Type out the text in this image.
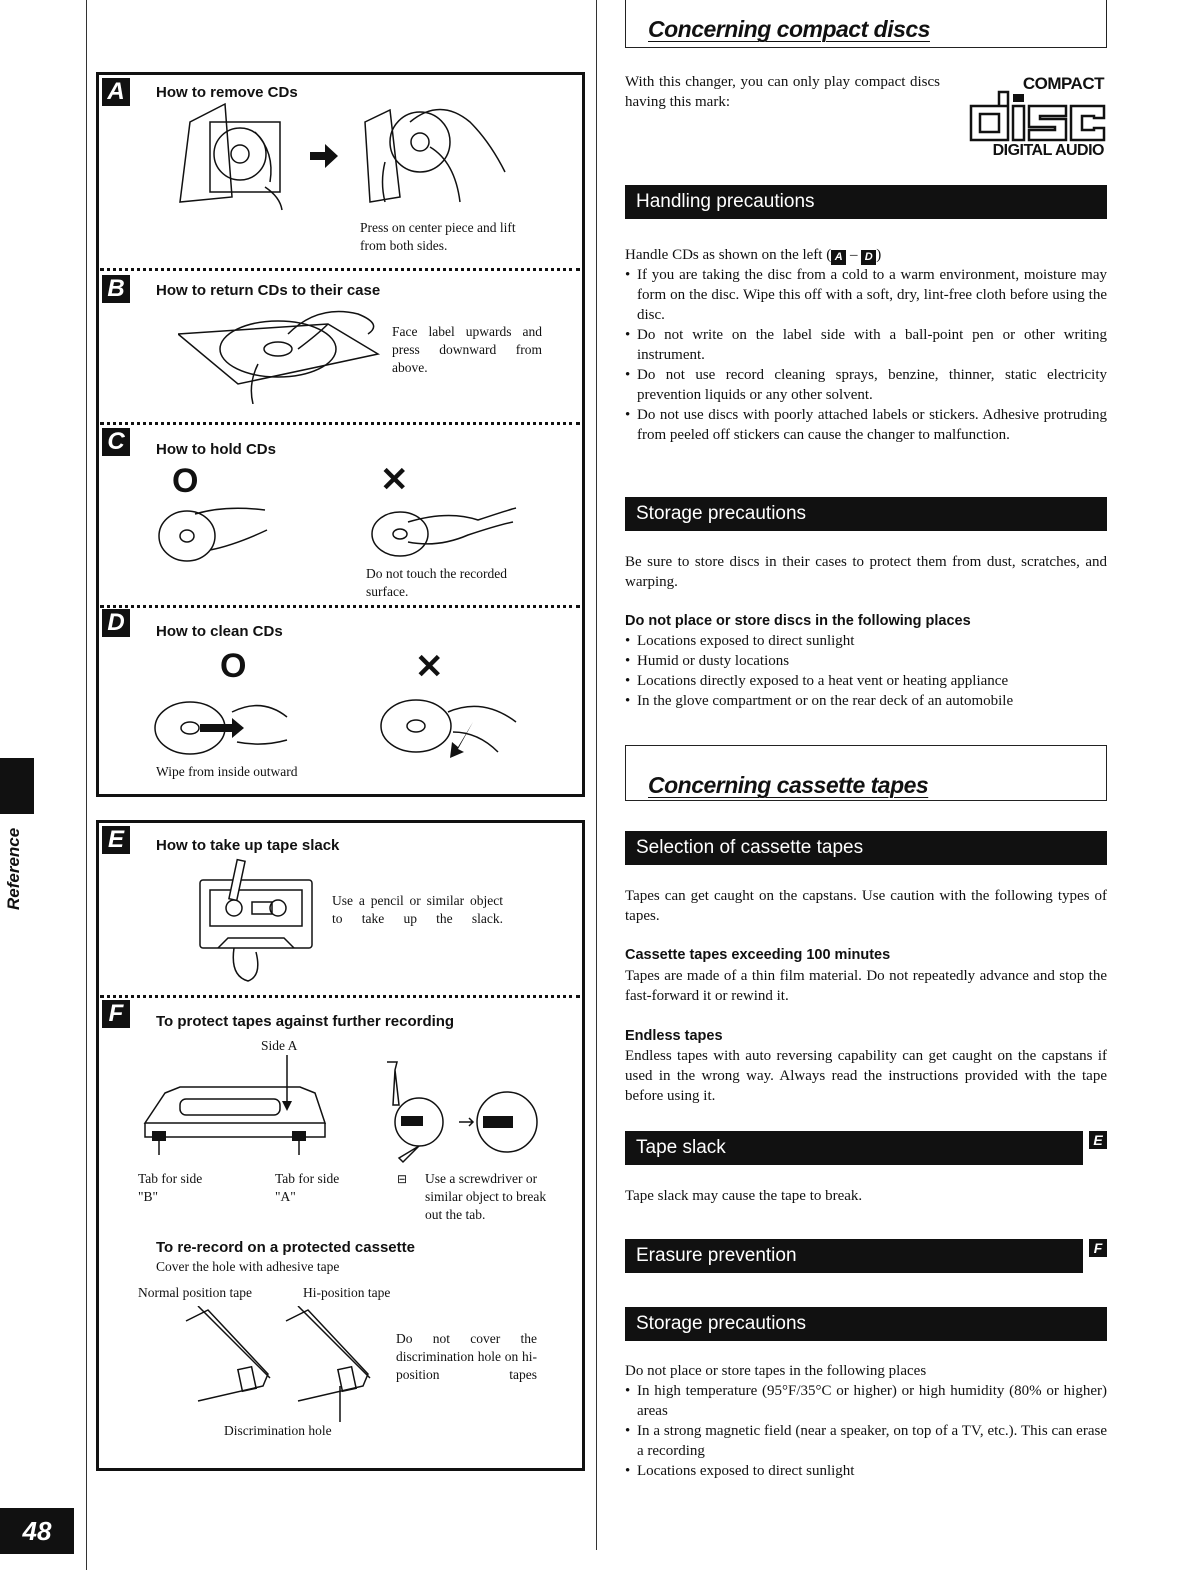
Reference
48
A	How to remove CDs
Press on center piece and lift from both sides.
B	How to return CDs to their case
Face label upwards and press downward from above.
C	How to hold CDs
O	✕
Do not touch the recorded surface.
D	How to clean CDs
O	✕
Wipe from inside outward
E	How to take up tape slack
Use a pencil or similar object to take up the slack.
F	To protect tapes against further recording
Side A
Tab for side "B"
Tab for side "A"
⊟ Use a screwdriver or similar object to break out the tab.
To re-record on a protected cassette
Cover the hole with adhesive tape
Normal position tape	Hi-position tape
Do not cover the discrimination hole on hi-position tapes
Discrimination hole
Concerning compact discs
With this changer, you can only play compact discs having this mark:
COMPACT
DIGITAL AUDIO
Handling precautions
Handle CDs as shown on the left ( A – D )
• If you are taking the disc from a cold to a warm environment, moisture may form on the disc. Wipe this off with a soft, dry, lint-free cloth before using the disc.
• Do not write on the label side with a ball-point pen or other writing instrument.
• Do not use record cleaning sprays, benzine, thinner, static electricity prevention liquids or any other solvent.
• Do not use discs with poorly attached labels or stickers. Adhesive protruding from peeled off stickers can cause the changer to malfunction.
Storage precautions
Be sure to store discs in their cases to protect them from dust, scratches, and warping.
Do not place or store discs in the following places
• Locations exposed to direct sunlight
• Humid or dusty locations
• Locations directly exposed to a heat vent or heating appliance
• In the glove compartment or on the rear deck of an automobile
Concerning cassette tapes
Selection of cassette tapes
Tapes can get caught on the capstans. Use caution with the following types of tapes.
Cassette tapes exceeding 100 minutes
Tapes are made of a thin film material. Do not repeatedly advance and stop the fast-forward it or rewind it.
Endless tapes
Endless tapes with auto reversing capability can get caught on the capstans if used in the wrong way. Always read the instructions provided with the tape before using it.
Tape slack	E
Tape slack may cause the tape to break.
Erasure prevention	F
Storage precautions
Do not place or store tapes in the following places
• In high temperature (95°F/35°C or higher) or high humidity (80% or higher) areas
• In a strong magnetic field (near a speaker, on top of a TV, etc.). This can erase a recording
• Locations exposed to direct sunlight
